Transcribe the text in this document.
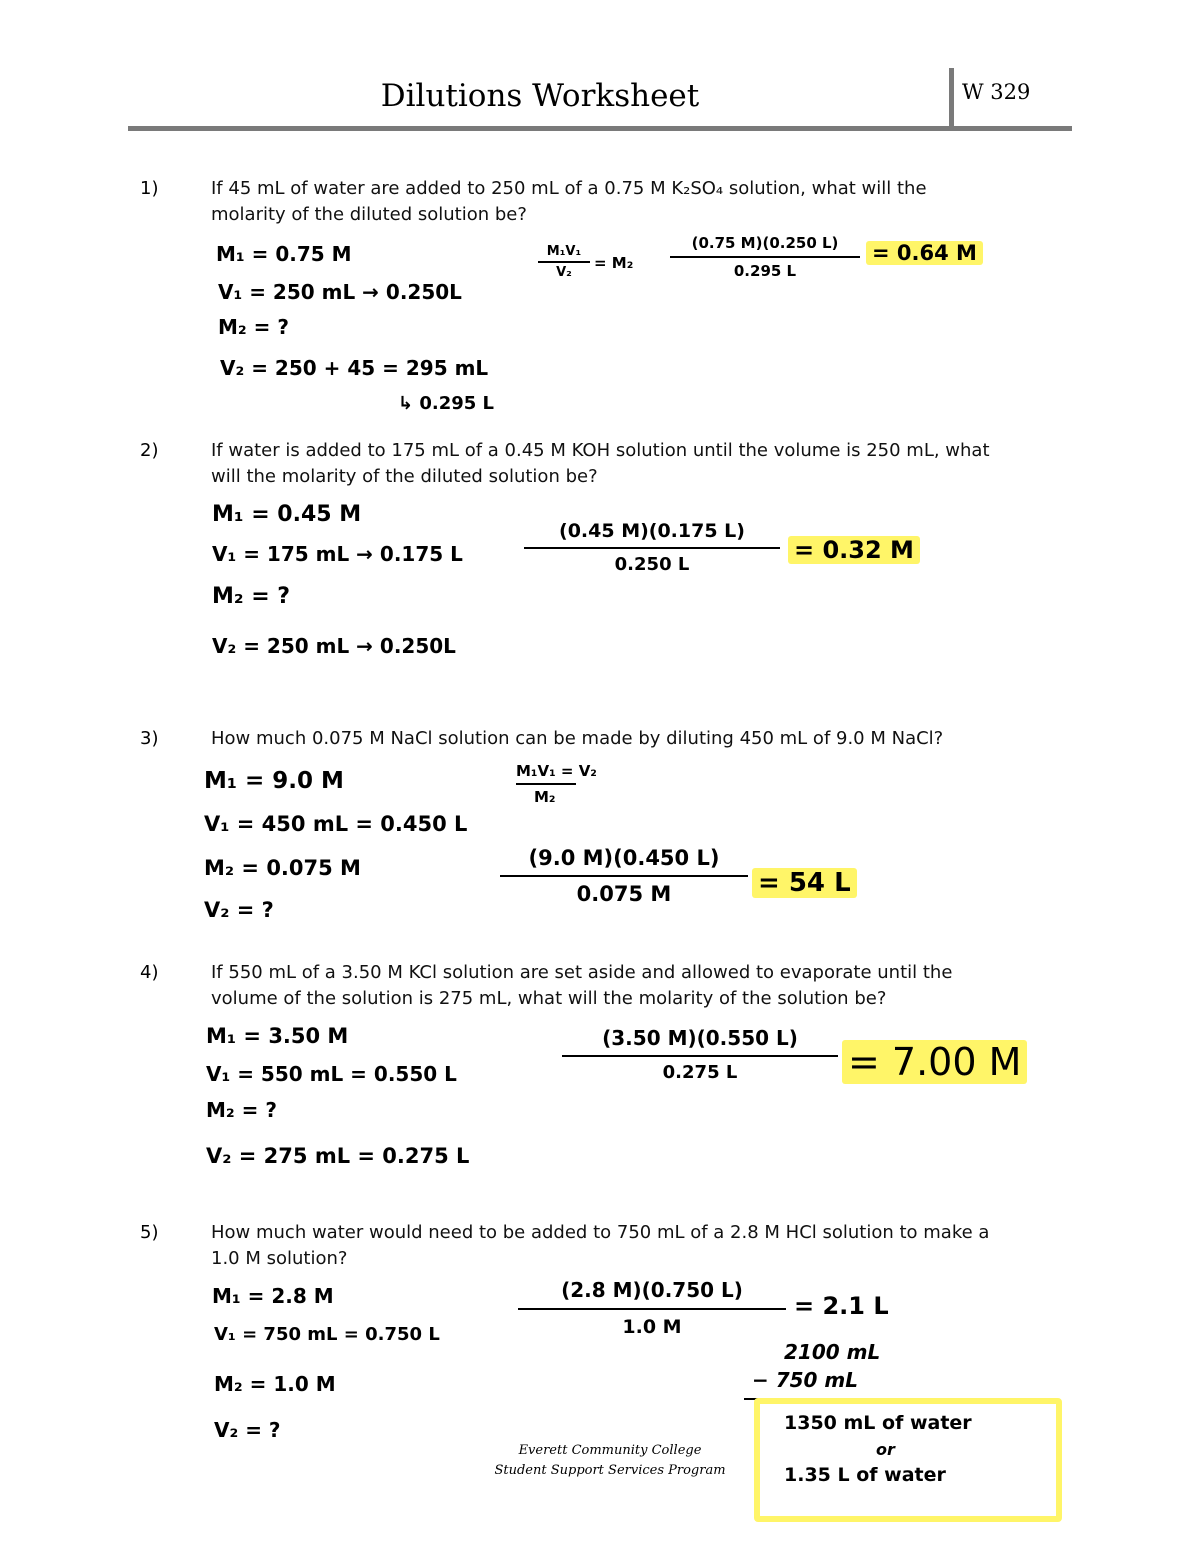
Dilutions Worksheet	W 329
1)	If 45 mL of water are added to 250 mL of a 0.75 M K₂SO₄ solution, what will the
molarity of the diluted solution be?
M₁ = 0.75 M
V₁ = 250 mL → 0.250L
M₂ = ?
V₂ = 250 + 45 = 295 mL
↳ 0.295 L
M₁V₁
V₂
= M₂
(0.75 M)(0.250 L)
0.295 L
= 0.64 M
2)	If water is added to 175 mL of a 0.45 M KOH solution until the volume is 250 mL, what
will the molarity of the diluted solution be?
M₁ = 0.45 M
V₁ = 175 mL → 0.175 L
M₂ = ?
V₂ = 250 mL → 0.250L
(0.45 M)(0.175 L)
0.250 L
= 0.32 M
3)	How much 0.075 M NaCl solution can be made by diluting 450 mL of 9.0 M NaCl?
M₁ = 9.0 M
V₁ = 450 mL = 0.450 L
M₂ = 0.075 M
V₂ = ?
M₁V₁ = V₂
M₂
(9.0 M)(0.450 L)
0.075 M	= 54 L
4)	If 550 mL of a 3.50 M KCl solution are set aside and allowed to evaporate until the
volume of the solution is 275 mL, what will the molarity of the solution be?
M₁ = 3.50 M
V₁ = 550 mL = 0.550 L
M₂ = ?
V₂ = 275 mL = 0.275 L
(3.50 M)(0.550 L)
0.275 L	= 7.00 M
5)	How much water would need to be added to 750 mL of a 2.8 M HCl solution to make a
1.0 M solution?
M₁ = 2.8 M
V₁ = 750 mL = 0.750 L
M₂ = 1.0 M
V₂ = ?
(2.8 M)(0.750 L)
1.0 M
= 2.1 L
2100 mL
− 750 mL
1350 mL of water
or
1.35 L of water
Everett Community College
Student Support Services Program
